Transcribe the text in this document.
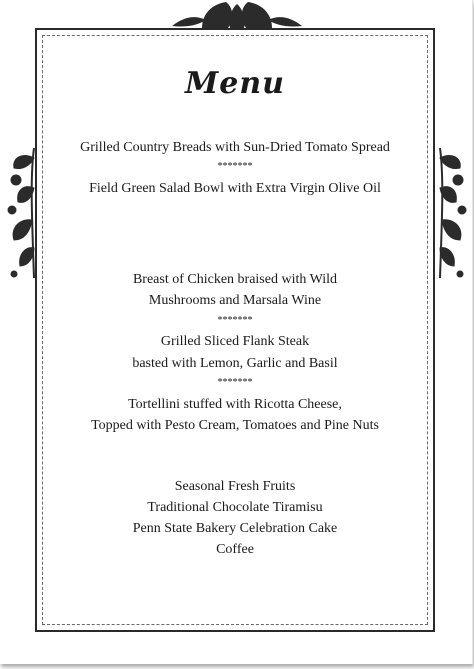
Menu
Grilled Country Breads with Sun-Dried Tomato Spread
*******
Field Green Salad Bowl with Extra Virgin Olive Oil
Breast of Chicken braised with Wild
Mushrooms and Marsala Wine
*******
Grilled Sliced Flank Steak
basted with Lemon, Garlic and Basil
*******
Tortellini stuffed with Ricotta Cheese,
Topped with Pesto Cream, Tomatoes and Pine Nuts
Seasonal Fresh Fruits
Traditional Chocolate Tiramisu
Penn State Bakery Celebration Cake
Coffee
